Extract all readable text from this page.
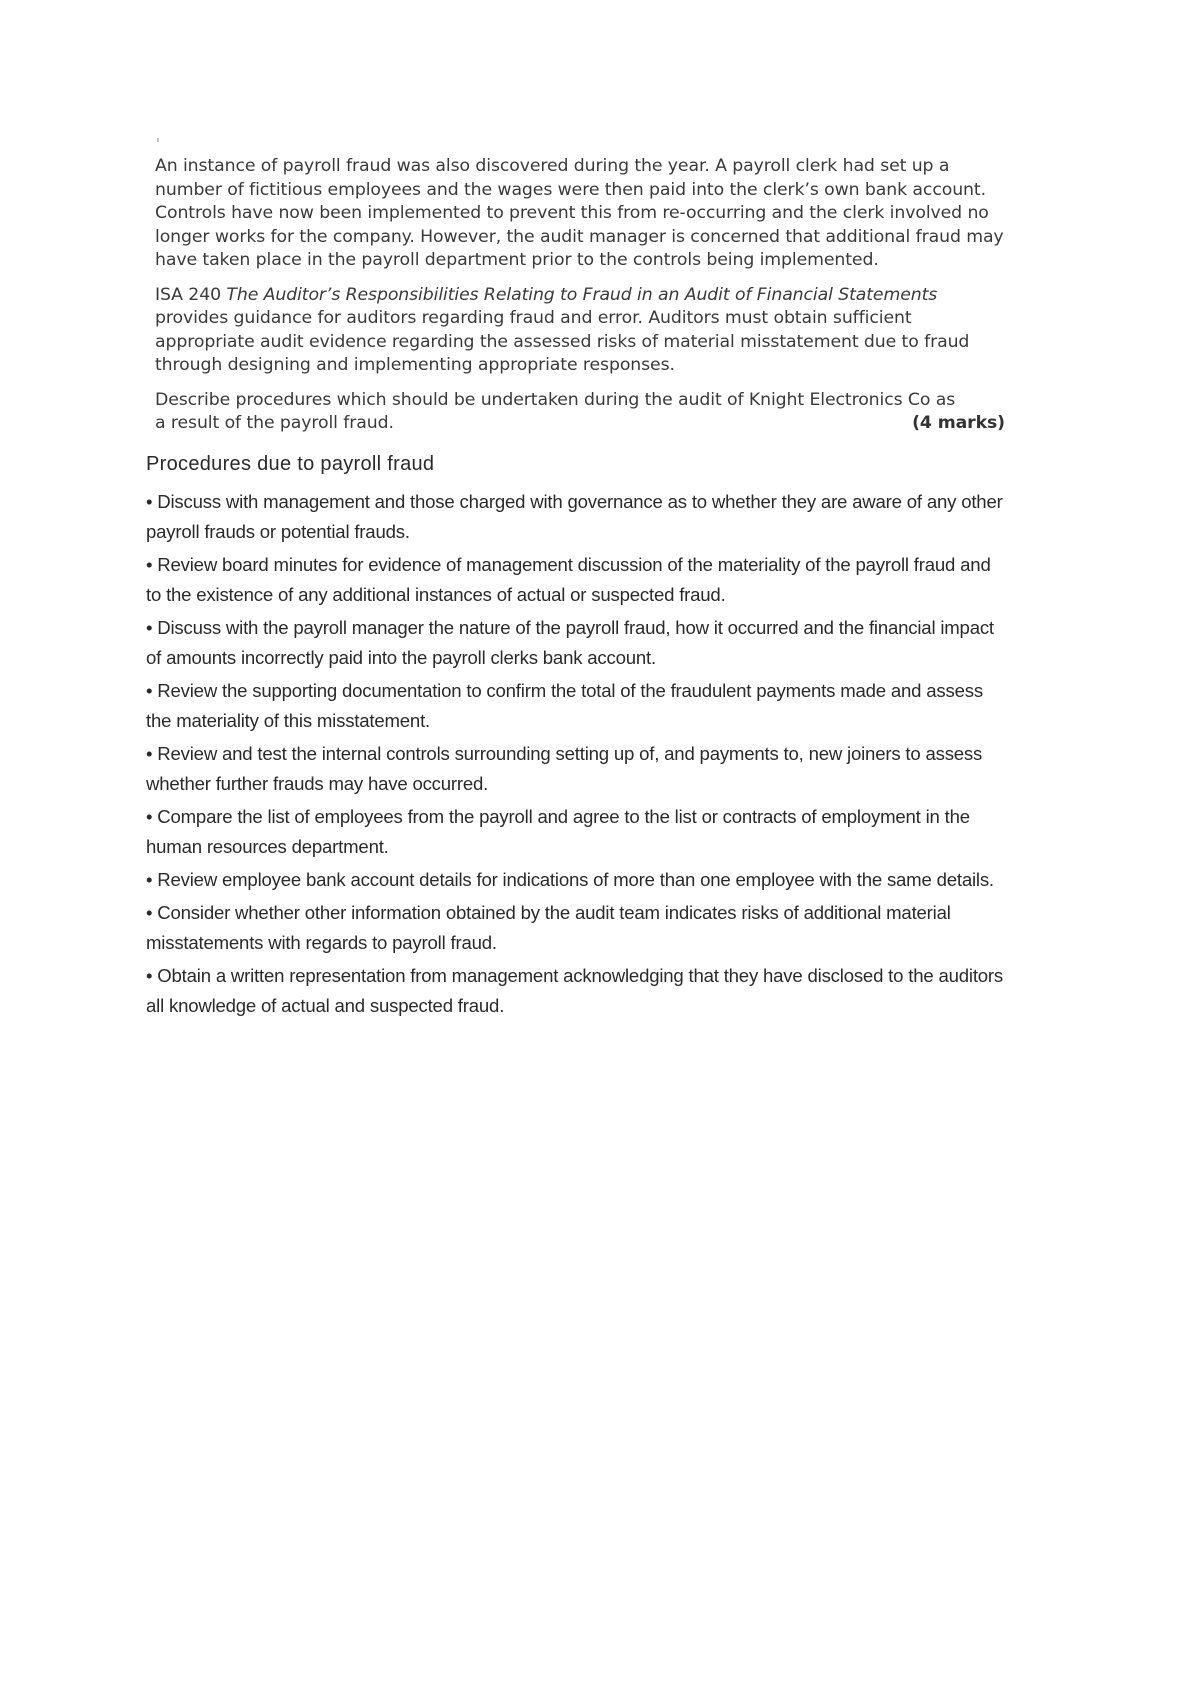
An instance of payroll fraud was also discovered during the year. A payroll clerk had set up a number of fictitious employees and the wages were then paid into the clerk’s own bank account. Controls have now been implemented to prevent this from re-occurring and the clerk involved no longer works for the company. However, the audit manager is concerned that additional fraud may have taken place in the payroll department prior to the controls being implemented.

ISA 240 The Auditor’s Responsibilities Relating to Fraud in an Audit of Financial Statements provides guidance for auditors regarding fraud and error. Auditors must obtain sufficient appropriate audit evidence regarding the assessed risks of material misstatement due to fraud through designing and implementing appropriate responses.

Describe procedures which should be undertaken during the audit of Knight Electronics Co as

a result of the payroll fraud.	(4 marks)

Procedures due to payroll fraud

• Discuss with management and those charged with governance as to whether they are aware of any other payroll frauds or potential frauds.

• Review board minutes for evidence of management discussion of the materiality of the payroll fraud and to the existence of any additional instances of actual or suspected fraud.

• Discuss with the payroll manager the nature of the payroll fraud, how it occurred and the financial impact of amounts incorrectly paid into the payroll clerks bank account.

• Review the supporting documentation to confirm the total of the fraudulent payments made and assess the materiality of this misstatement.

• Review and test the internal controls surrounding setting up of, and payments to, new joiners to assess whether further frauds may have occurred.

• Compare the list of employees from the payroll and agree to the list or contracts of employment in the human resources department.

• Review employee bank account details for indications of more than one employee with the same details.

• Consider whether other information obtained by the audit team indicates risks of additional material misstatements with regards to payroll fraud.

• Obtain a written representation from management acknowledging that they have disclosed to the auditors all knowledge of actual and suspected fraud.
